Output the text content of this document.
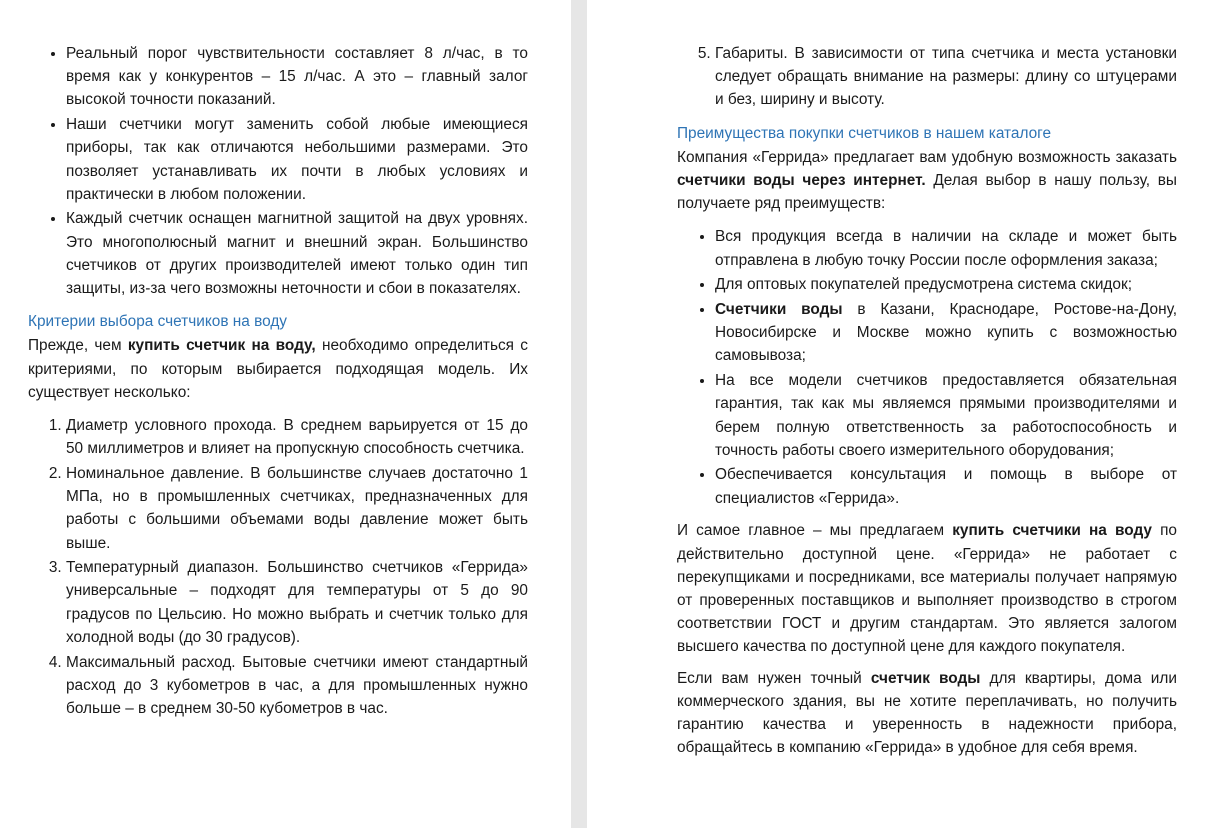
• Реальный порог чувствительности составляет 8 л/час, в то время как у конкурентов – 15 л/час. А это – главный залог высокой точности показаний.
• Наши счетчики могут заменить собой любые имеющиеся приборы, так как отличаются небольшими размерами. Это позволяет устанавливать их почти в любых условиях и практически в любом положении.
• Каждый счетчик оснащен магнитной защитой на двух уровнях. Это многополюсный магнит и внешний экран. Большинство счетчиков от других производителей имеют только один тип защиты, из-за чего возможны неточности и сбои в показателях.

Критерии выбора счетчиков на воду

Прежде, чем купить счетчик на воду, необходимо определиться с критериями, по которым выбирается подходящая модель. Их существует несколько:

1. Диаметр условного прохода. В среднем варьируется от 15 до 50 миллиметров и влияет на пропускную способность счетчика.
2. Номинальное давление. В большинстве случаев достаточно 1 МПа, но в промышленных счетчиках, предназначенных для работы с большими объемами воды давление может быть выше.
3. Температурный диапазон. Большинство счетчиков «Геррида» универсальные – подходят для температуры от 5 до 90 градусов по Цельсию. Но можно выбрать и счетчик только для холодной воды (до 30 градусов).
4. Максимальный расход. Бытовые счетчики имеют стандартный расход до 3 кубометров в час, а для промышленных нужно больше – в среднем 30-50 кубометров в час.
5. Габариты. В зависимости от типа счетчика и места установки следует обращать внимание на размеры: длину со штуцерами и без, ширину и высоту.

Преимущества покупки счетчиков в нашем каталоге

Компания «Геррида» предлагает вам удобную возможность заказать счетчики воды через интернет. Делая выбор в нашу пользу, вы получаете ряд преимуществ:

• Вся продукция всегда в наличии на складе и может быть отправлена в любую точку России после оформления заказа;
• Для оптовых покупателей предусмотрена система скидок;
• Счетчики воды в Казани, Краснодаре, Ростове-на-Дону, Новосибирске и Москве можно купить с возможностью самовывоза;
• На все модели счетчиков предоставляется обязательная гарантия, так как мы являемся прямыми производителями и берем полную ответственность за работоспособность и точность работы своего измерительного оборудования;
• Обеспечивается консультация и помощь в выборе от специалистов «Геррида».

И самое главное – мы предлагаем купить счетчики на воду по действительно доступной цене. «Геррида» не работает с перекупщиками и посредниками, все материалы получает напрямую от проверенных поставщиков и выполняет производство в строгом соответствии ГОСТ и другим стандартам. Это является залогом высшего качества по доступной цене для каждого покупателя.

Если вам нужен точный счетчик воды для квартиры, дома или коммерческого здания, вы не хотите переплачивать, но получить гарантию качества и уверенность в надежности прибора, обращайтесь в компанию «Геррида» в удобное для себя время.
